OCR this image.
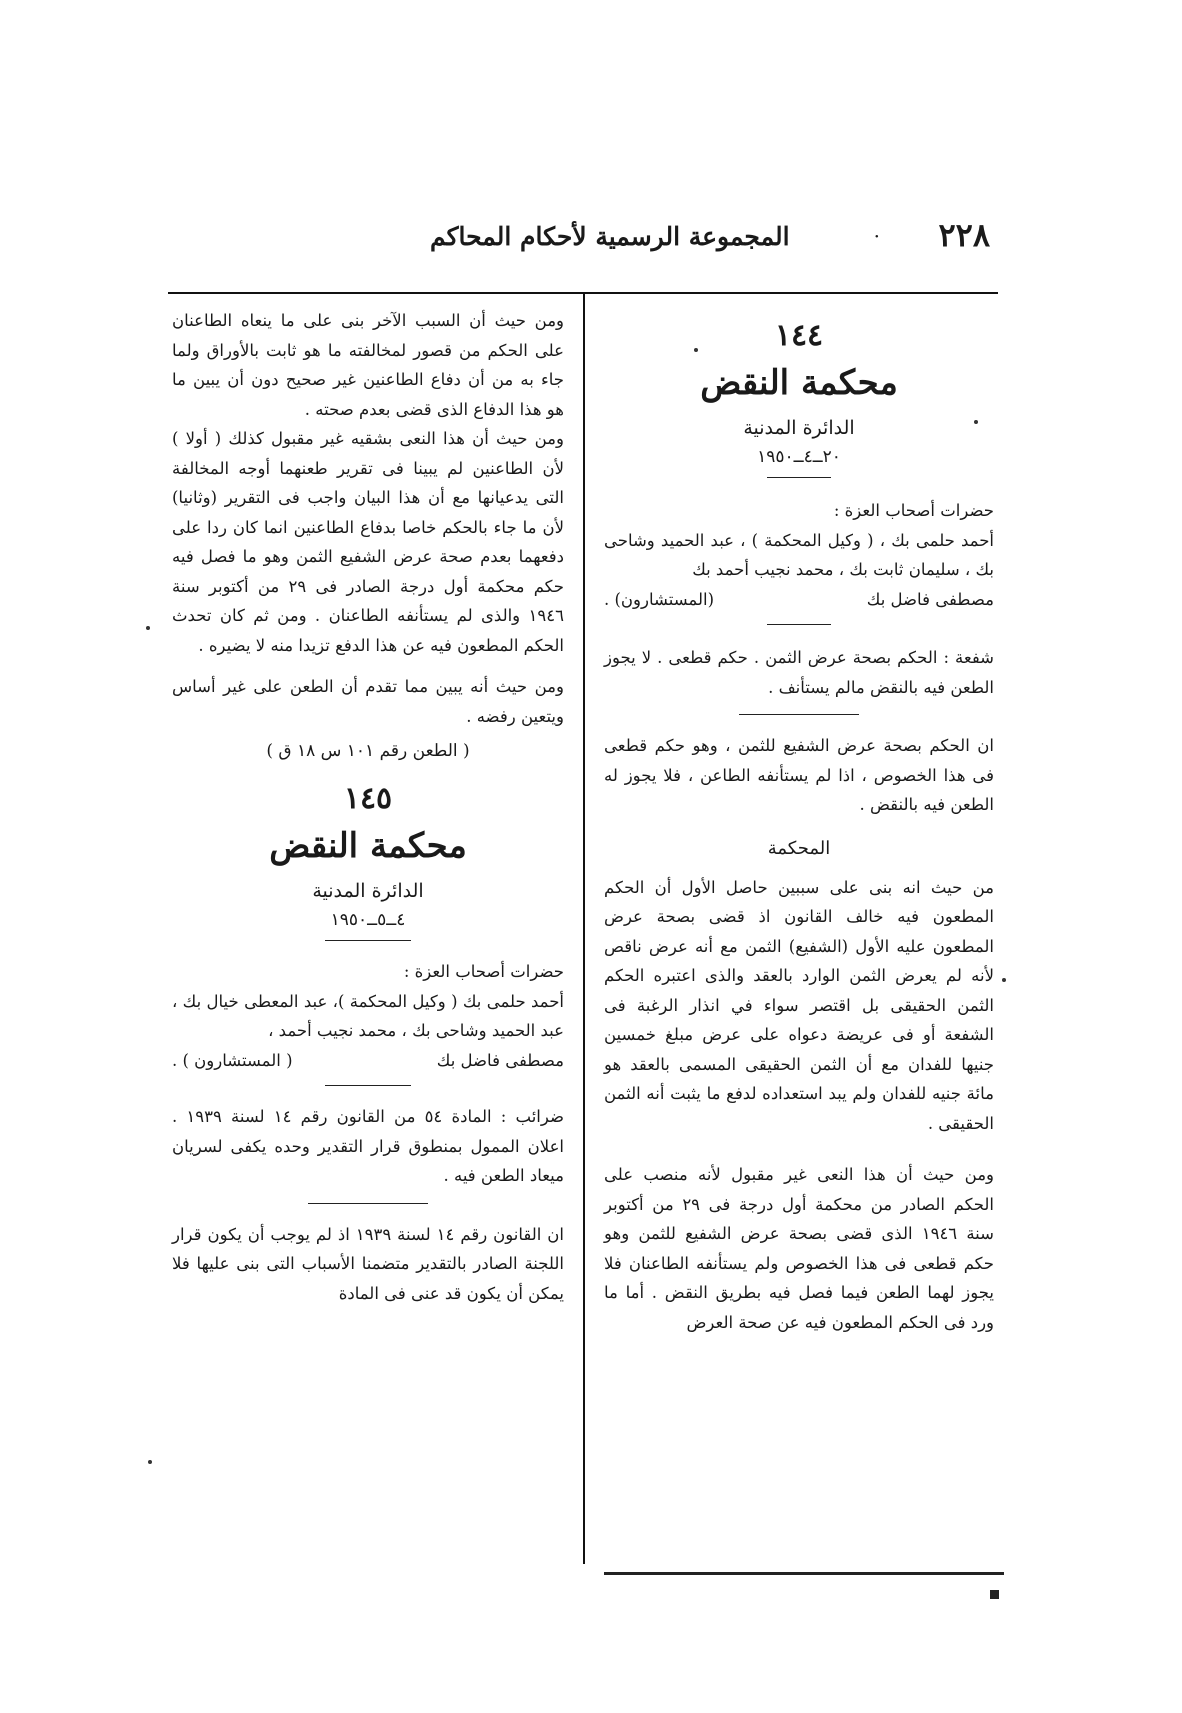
٢٢٨
·
المجموعة الرسمية لأحكام المحاكم
١٤٤
محكمة النقض
الدائرة المدنية
٢٠ــ٤ــ١٩٥٠

حضرات أصحاب العزة :

أحمد حلمى بك ، ( وكيل المحكمة ) ، عبد الحميد وشاحى بك ، سليمان ثابت بك ، محمد نجيب أحمد بك

مصطفى فاضل بك
(المستشارون) .

شفعة : الحكم بصحة عرض الثمن . حكم قطعى . لا يجوز الطعن فيه بالنقض مالم يستأنف .

ان الحكم بصحة عرض الشفيع للثمن ، وهو حكم قطعى فى هذا الخصوص ، اذا لم يستأنفه الطاعن ، فلا يجوز له الطعن فيه بالنقض .

المحكمة

من حيث انه بنى على سببين حاصل الأول أن الحكم المطعون فيه خالف القانون اذ قضى بصحة عرض المطعون عليه الأول (الشفيع) الثمن مع أنه عرض ناقص لأنه لم يعرض الثمن الوارد بالعقد والذى اعتبره الحكم الثمن الحقيقى بل اقتصر سواء في انذار الرغبة فى الشفعة أو فى عريضة دعواه على عرض مبلغ خمسين جنيها للفدان مع أن الثمن الحقيقى المسمى بالعقد هو مائة جنيه للفدان ولم يبد استعداده لدفع ما يثبت أنه الثمن الحقيقى .

ومن حيث أن هذا النعى غير مقبول لأنه منصب على الحكم الصادر من محكمة أول درجة فى ٢٩ من أكتوبر سنة ١٩٤٦ الذى قضى بصحة عرض الشفيع للثمن وهو حكم قطعى فى هذا الخصوص ولم يستأنفه الطاعنان فلا يجوز لهما الطعن فيما فصل فيه بطريق النقض . أما ما ورد فى الحكم المطعون فيه عن صحة العرض

ومن حيث أن السبب الآخر بنى على ما ينعاه الطاعنان على الحكم من قصور لمخالفته ما هو ثابت بالأوراق ولما جاء به من أن دفاع الطاعنين غير صحيح دون أن يبين ما هو هذا الدفاع الذى قضى بعدم صحته .

ومن حيث أن هذا النعى بشقيه غير مقبول كذلك ( أولا ) لأن الطاعنين لم يبينا فى تقرير طعنهما أوجه المخالفة التى يدعيانها مع أن هذا البيان واجب فى التقرير (وثانيا) لأن ما جاء بالحكم خاصا بدفاع الطاعنين انما كان ردا على دفعهما بعدم صحة عرض الشفيع الثمن وهو ما فصل فيه حكم محكمة أول درجة الصادر فى ٢٩ من أكتوبر سنة ١٩٤٦ والذى لم يستأنفه الطاعنان . ومن ثم كان تحدث الحكم المطعون فيه عن هذا الدفع تزيدا منه لا يضيره .

ومن حيث أنه يبين مما تقدم أن الطعن على غير أساس ويتعين رفضه .

( الطعن رقم ١٠١ س ١٨ ق )
١٤٥
محكمة النقض
الدائرة المدنية
٤ــ٥ــ١٩٥٠

حضرات أصحاب العزة :

أحمد حلمى بك ( وكيل المحكمة )، عبد المعطى خيال بك ، عبد الحميد وشاحى بك ، محمد نجيب أحمد ،

مصطفى فاضل بك
( المستشارون ) .

ضرائب : المادة ٥٤ من القانون رقم ١٤ لسنة ١٩٣٩ . اعلان الممول بمنطوق قرار التقدير وحده يكفى لسريان ميعاد الطعن فيه .

ان القانون رقم ١٤ لسنة ١٩٣٩ اذ لم يوجب أن يكون قرار اللجنة الصادر بالتقدير متضمنا الأسباب التى بنى عليها فلا يمكن أن يكون قد عنى فى المادة
